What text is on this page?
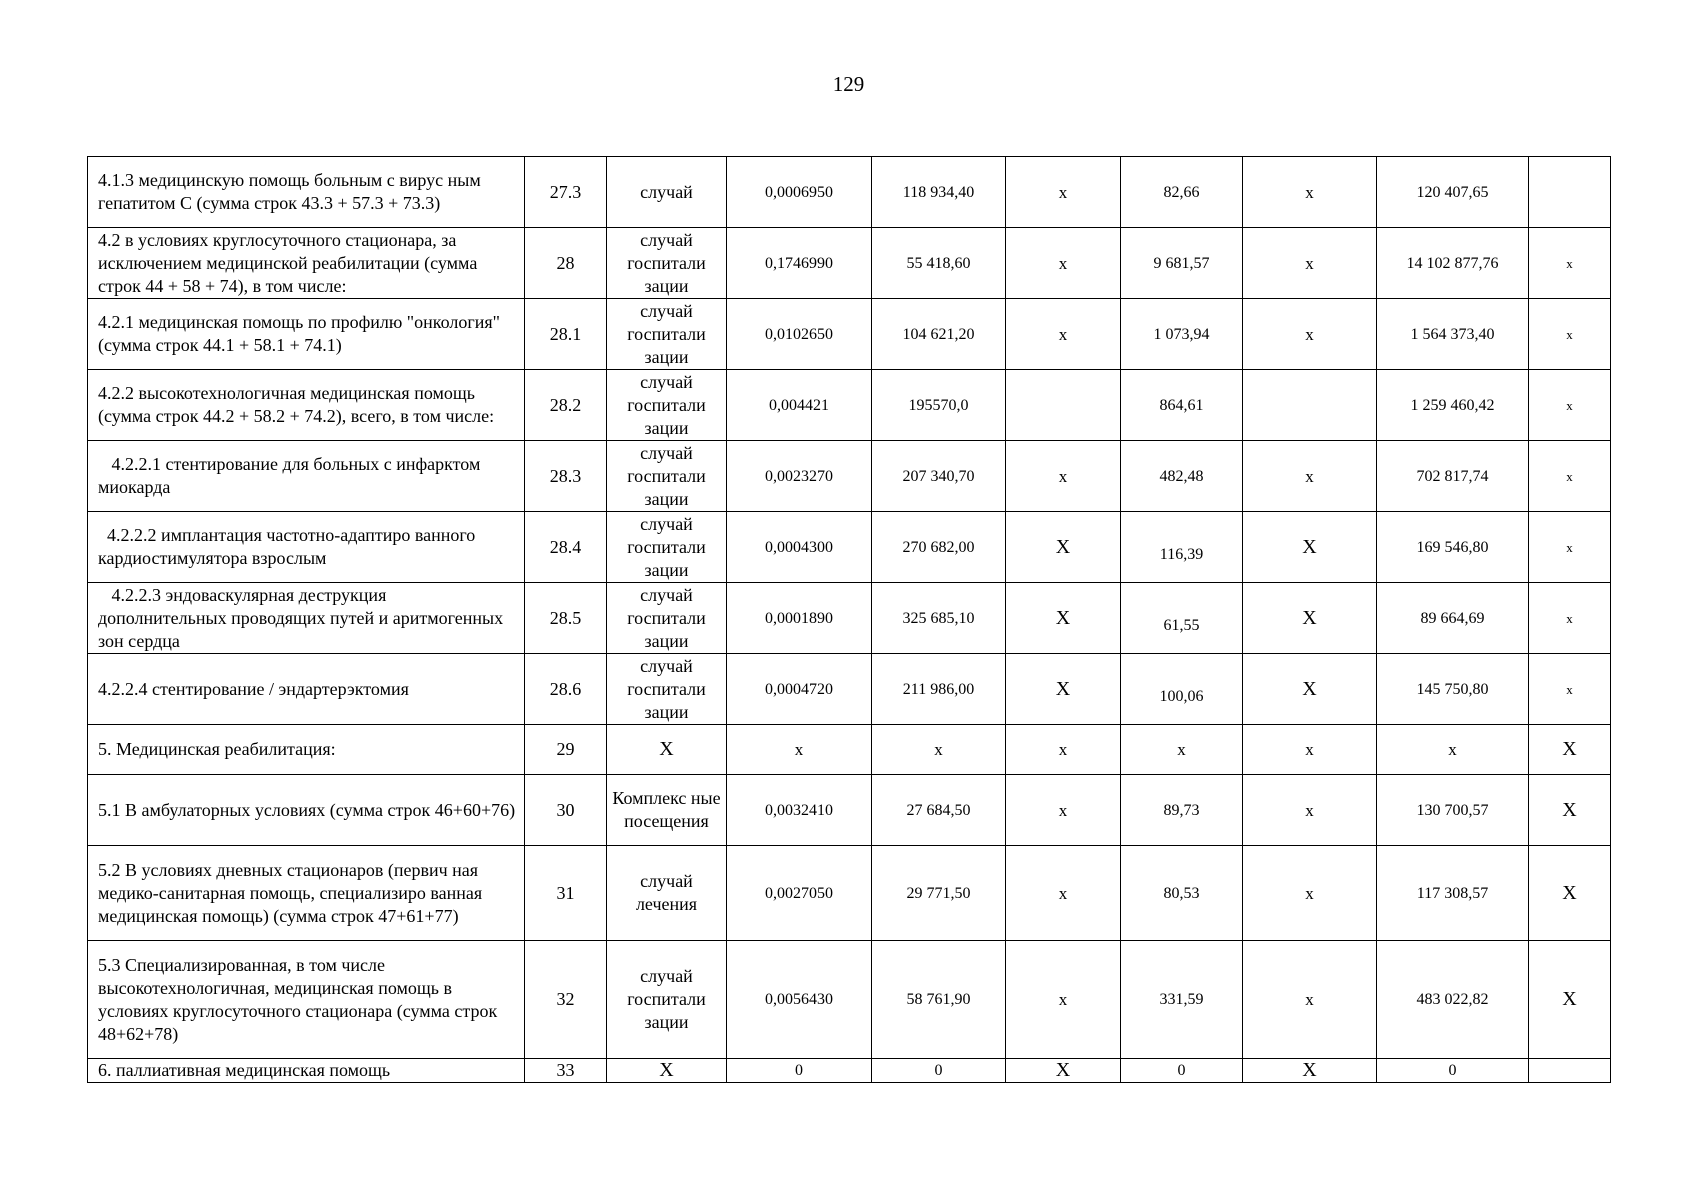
129
4.1.3 медицинскую помощь больным с вирус ным гепатитом С (сумма строк 43.3 + 57.3 + 73.3)	27.3	случай	0,0006950	118 934,40	x	82,66	x	120 407,65	
4.2 в условиях круглосуточного стационара, за исключением медицинской реабилитации (сумма строк 44 + 58 + 74), в том числе:	28	случай госпитали зации	0,1746990	55 418,60	x	9 681,57	x	14 102 877,76	x
4.2.1 медицинская помощь по профилю "онкология" (сумма строк 44.1 + 58.1 + 74.1)	28.1	случай госпитали зации	0,0102650	104 621,20	x	1 073,94	x	1 564 373,40	x
4.2.2 высокотехнологичная медицинская помощь (сумма строк 44.2 + 58.2 + 74.2), всего, в том числе:	28.2	случай госпитали зации	0,004421	195570,0		864,61		1 259 460,42	x
4.2.2.1 стентирование для больных с инфарктом миокарда	28.3	случай госпитали зации	0,0023270	207 340,70	x	482,48	x	702 817,74	x
4.2.2.2 имплантация частотно-адаптиро ванного кардиостимулятора взрослым	28.4	случай госпитали зации	0,0004300	270 682,00	X	116,39	X	169 546,80	x
4.2.2.3 эндоваскулярная деструкция дополнительных проводящих путей и аритмогенных зон сердца	28.5	случай госпитали зации	0,0001890	325 685,10	X	61,55	X	89 664,69	x
4.2.2.4 стентирование / эндартерэктомия	28.6	случай госпитали зации	0,0004720	211 986,00	X	100,06	X	145 750,80	x
5. Медицинская реабилитация:	29	X	x	x	x	x	x	x	X
5.1 В амбулаторных условиях (сумма строк 46+60+76)	30	Комплекс ные посещения	0,0032410	27 684,50	x	89,73	x	130 700,57	X
5.2 В условиях дневных стационаров (первич ная медико-санитарная помощь, специализиро ванная медицинская помощь) (сумма строк 47+61+77)	31	случай лечения	0,0027050	29 771,50	x	80,53	x	117 308,57	X
5.3 Специализированная, в том числе высокотехнологичная, медицинская помощь в условиях круглосуточного стационара (сумма строк 48+62+78)	32	случай госпитали зации	0,0056430	58 761,90	x	331,59	x	483 022,82	X
6. паллиативная медицинская помощь	33	X	0	0	X	0	X	0	
